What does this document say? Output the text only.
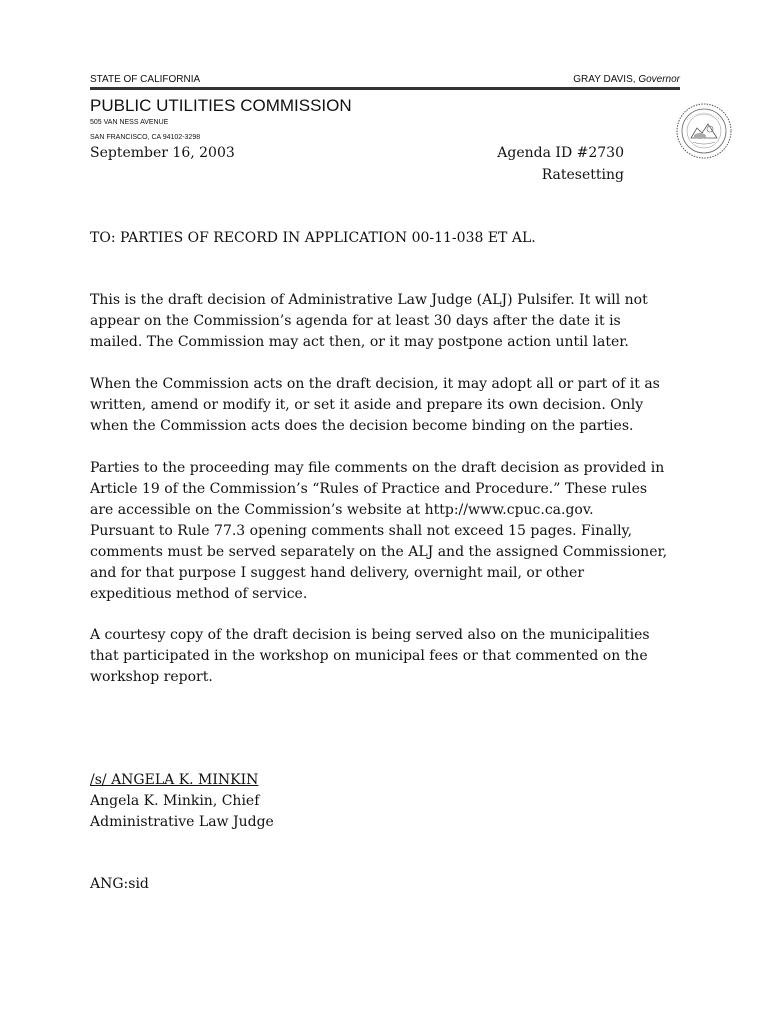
STATE OF CALIFORNIA	GRAY DAVIS, Governor
PUBLIC UTILITIES COMMISSION
505 VAN NESS AVENUE
SAN FRANCISCO, CA 94102-3298
September 16, 2003	Agenda ID #2730
Ratesetting
TO: PARTIES OF RECORD IN APPLICATION 00-11-038 ET AL.

This is the draft decision of Administrative Law Judge (ALJ) Pulsifer. It will not
appear on the Commission’s agenda for at least 30 days after the date it is
mailed. The Commission may act then, or it may postpone action until later.

When the Commission acts on the draft decision, it may adopt all or part of it as
written, amend or modify it, or set it aside and prepare its own decision. Only
when the Commission acts does the decision become binding on the parties.

Parties to the proceeding may file comments on the draft decision as provided in
Article 19 of the Commission’s “Rules of Practice and Procedure.” These rules
are accessible on the Commission’s website at http://www.cpuc.ca.gov.
Pursuant to Rule 77.3 opening comments shall not exceed 15 pages. Finally,
comments must be served separately on the ALJ and the assigned Commissioner,
and for that purpose I suggest hand delivery, overnight mail, or other
expeditious method of service.

A courtesy copy of the draft decision is being served also on the municipalities
that participated in the workshop on municipal fees or that commented on the
workshop report.

/s/ ANGELA K. MINKIN
Angela K. Minkin, Chief
Administrative Law Judge
ANG:sid
